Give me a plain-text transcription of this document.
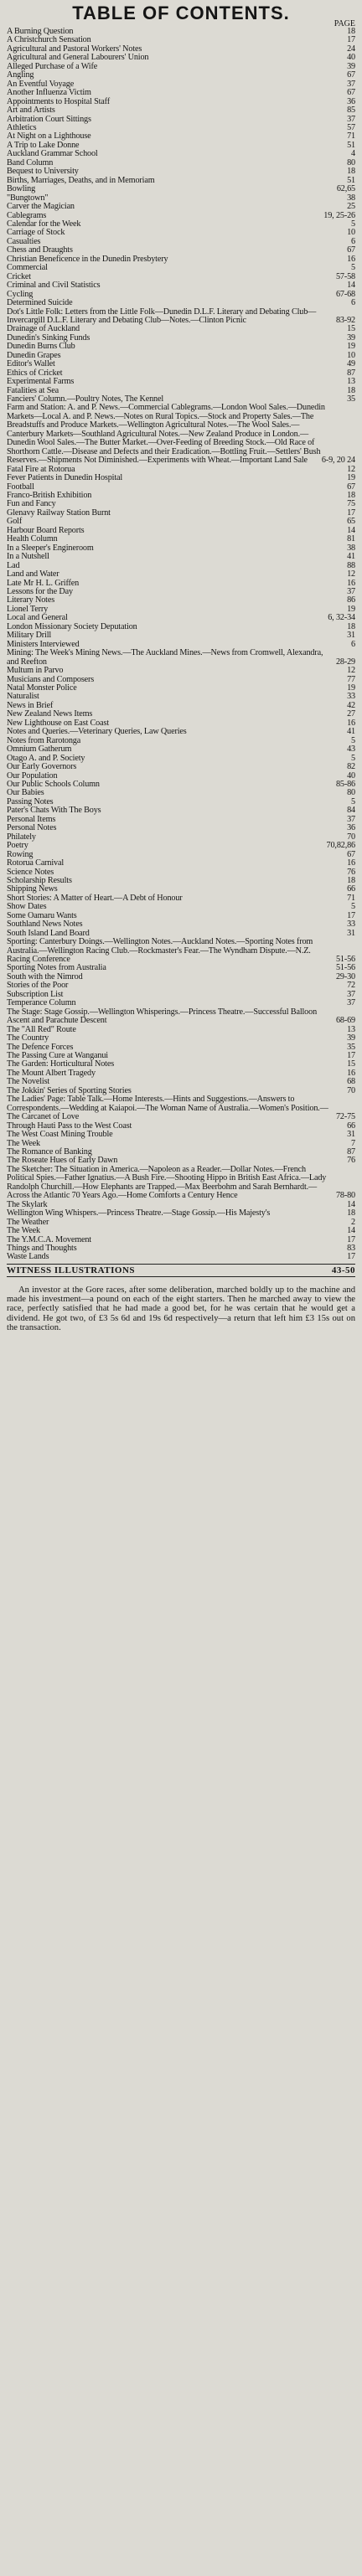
TABLE OF CONTENTS.
PAGE
A Burning Question	18
A Christchurch Sensation	17
Agricultural and Pastoral Workers' Notes	24
Agricultural and General Labourers' Union	40
Alleged Purchase of a Wife	39
Angling	67
An Eventful Voyage	37
Another Influenza Victim	67
Appointments to Hospital Staff	36
Art and Artists	85
Arbitration Court Sittings	37
Athletics	57
At Night on a Lighthouse	71
A Trip to Lake Donne	51
Auckland Grammar School	4
Band Column	80
Bequest to University	18
Births, Marriages, Deaths, and in Memoriam	51
Bowling	62,65
"Bungtown"	38
Carver the Magician	25
Cablegrams	19, 25-26
Calendar for the Week	5
Carriage of Stock	10
Casualties	6
Chess and Draughts	67
Christian Beneficence in the Dunedin Presbytery	16
Commercial	5
Cricket	57-58
Criminal and Civil Statistics	14
Cycling	67-68
Determined Suicide	6
Dot's Little Folk: Letters from the Little Folk—Dunedin D.L.F. Literary and Debating Club—Invercargill D.L.F. Literary and Debating Club—Notes.—Clinton Picnic	83-92
Drainage of Auckland	15
Dunedin's Sinking Funds	39
Dunedin Burns Club	19
Dunedin Grapes	10
Editor's Wallet	49
Ethics of Cricket	87
Experimental Farms	13
Fatalities at Sea	18
Fanciers' Column.—Poultry Notes, The Kennel	35
Farm and Station: A. and P. News.—Commercial Cablegrams.—London Wool Sales.—Dunedin Markets—Local A. and P. News.—Notes on Rural Topics.—Stock and Property Sales.—The Breadstuffs and Produce Markets.—Wellington Agricultural Notes.—The Wool Sales.—Canterbury Markets—Southland Agricultural Notes.—New Zealand Produce in London.—Dunedin Wool Sales.—The Butter Market.—Over-Feeding of Breeding Stock.—Old Race of Shorthorn Cattle.—Disease and Defects and their Eradication.—Bottling Fruit.—Settlers' Bush Reserves.—Shipments Not Diminished.—Experiments with Wheat.—Important Land Sale 6-9, 20 24
Fatal Fire at Rotorua	12
Fever Patients in Dunedin Hospital	19
Football	67
Franco-British Exhibition	18
Fun and Fancy	75
Glenavy Railway Station Burnt	17
Golf	65
Harbour Board Reports	14
Health Column	81
In a Sleeper's Engineroom	38
In a Nutshell	41
Lad	88
Land and Water	12
Late Mr H. L. Griffen	16
Lessons for the Day	37
Literary Notes	86
Lionel Terry	19
Local and General	6, 32-34
London Missionary Society Deputation	18
Military Drill	31
Ministers Interviewed	6
Mining: The Week's Mining News.—The Auckland Mines.—News from Cromwell, Alexandra, and Reefton	28-29
Multum in Parvo	12
Musicians and Composers	77
Natal Monster Police	19
Naturalist	33
News in Brief	42
New Zealand News Items	27
New Lighthouse on East Coast	16
Notes and Queries.—Veterinary Queries, Law Queries	41
Notes from Rarotonga	5
Omnium Gatherum	43
Otago A. and P. Society	5
Our Early Governors	82
Our Population	40
Our Public Schools Column	85-86
Our Babies	80
Passing Notes	5
Pater's Chats With The Boys	84
Personal Items	37
Personal Notes	36
Philately	70
Poetry	70,82,86
Rowing	67
Rotorua Carnival	16
Science Notes	76
Scholarship Results	18
Shipping News	66
Short Stories: A Matter of Heart.—A Debt of Honour	71
Show Dates	5
Some Oamaru Wants	17
Southland News Notes	33
South Island Land Board	31
Sporting: Canterbury Doings.—Wellington Notes.—Auckland Notes.—Sporting Notes from Australia.—Wellington Racing Club.—Rockmaster's Fear.—The Wyndham Dispute.—N.Z. Racing Conference	51-56
Sporting Notes from Australia	51-56
South with the Nimrod	29-30
Stories of the Poor	72
Subscription List	37
Temperance Column	37
The Stage: Stage Gossip.—Wellington Whisperings.—Princess Theatre.—Successful Balloon Ascent and Parachute Descent	68-69
The "All Red" Route	13
The Country	39
The Defence Forces	35
The Passing Cure at Wanganui	17
The Garden: Horticultural Notes	15
The Mount Albert Tragedy	16
The Novelist	68
The Jokkin' Series of Sporting Stories	70
The Ladies' Page: Table Talk.—Home Interests.—Hints and Suggestions.—Answers to Correspondents.—Wedding at Kaiapoi.—The Woman Name of Australia.—Women's Position.—The Carcanet of Love	72-75
Through Hauti Pass to the West Coast	66
The West Coast Mining Trouble	31
The Week	7
The Romance of Banking	87
The Roseate Hues of Early Dawn	76
The Sketcher: The Situation in America.—Napoleon as a Reader.—Dollar Notes.—French Political Spies.—Father Ignatius.—A Bush Fire.—Shooting Hippo in British East Africa.—Lady Randolph Churchill.—How Elephants are Trapped.—Max Beerbohm and Sarah Bernhardt.—Across the Atlantic 70 Years Ago.—Home Comforts a Century Hence	78-80
The Skylark	14
Wellington Wing Whispers.—Princess Theatre.—Stage Gossip.—His Majesty's	18
The Weather	2
The Week	14
The Y.M.C.A. Movement	17
Things and Thoughts	83
Waste Lands	17
WITNESS ILLUSTRATIONS	43-50

An investor at the Gore races, after some deliberation, marched boldly up to the machine and made his investment—a pound on each of the eight starters. Then he marched away to view the race, perfectly satisfied that he had made a good bet, for he was certain that he would get a dividend. He got two, of £3 5s 6d and 19s 6d respectively—a return that left him £3 15s out on the transaction.
